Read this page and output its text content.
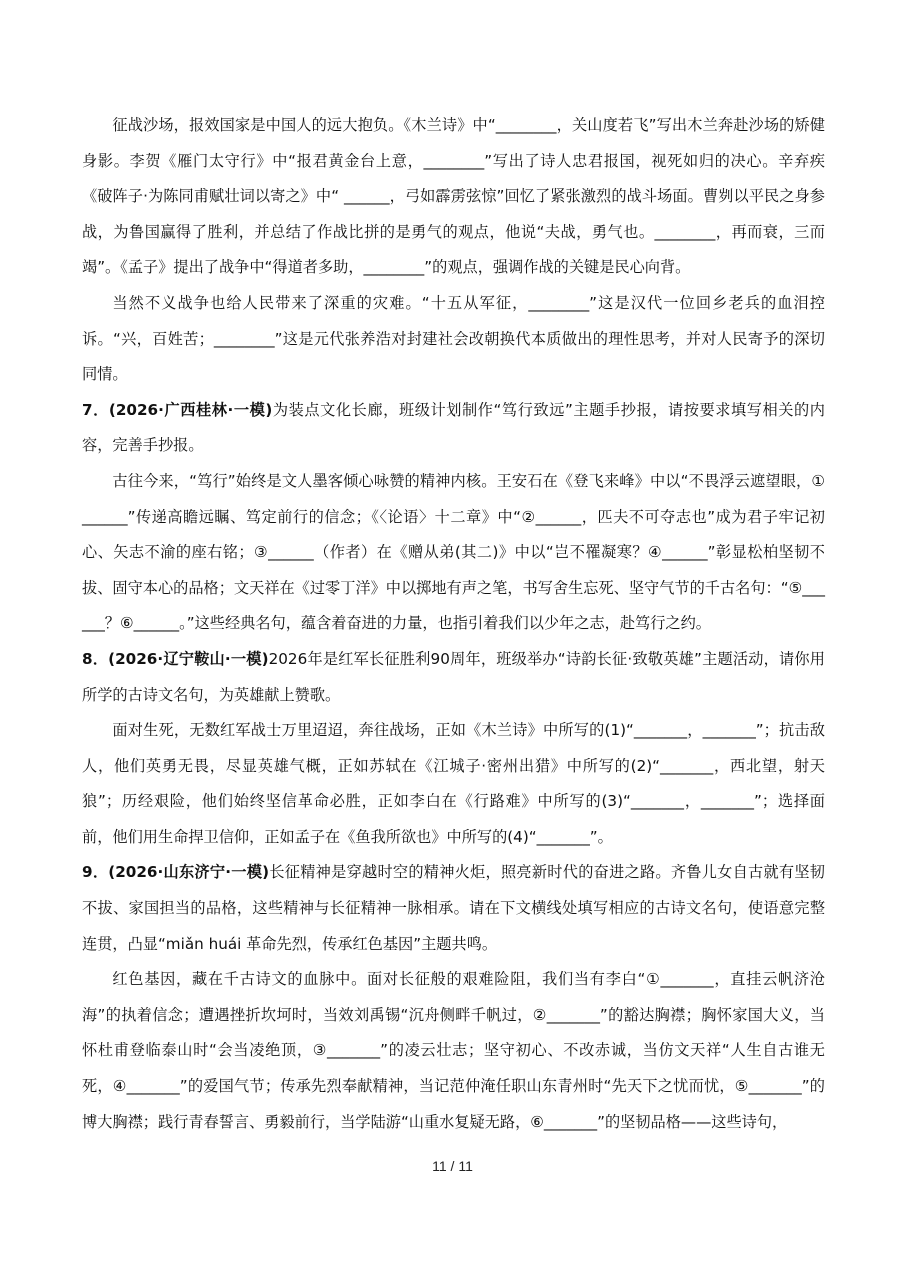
征战沙场，报效国家是中国人的远大抱负。《木兰诗》中“________，关山度若飞”写出木兰奔赴沙场的矫健身影。李贺《雁门太守行》中“报君黄金台上意，________”写出了诗人忠君报国，视死如归的决心。辛弃疾《破阵子·为陈同甫赋壮词以寄之》中“ ______，弓如霹雳弦惊”回忆了紧张激烈的战斗场面。曹刿以平民之身参战，为鲁国赢得了胜利，并总结了作战比拼的是勇气的观点，他说“夫战，勇气也。________，再而衰，三而竭”。《孟子》提出了战争中“得道者多助，________”的观点，强调作战的关键是民心向背。

当然不义战争也给人民带来了深重的灾难。“十五从军征，________”这是汉代一位回乡老兵的血泪控诉。“兴，百姓苦；________”这是元代张养浩对封建社会改朝换代本质做出的理性思考，并对人民寄予的深切同情。

7．(2026·广西桂林·一模)为装点文化长廊，班级计划制作“笃行致远”主题手抄报，请按要求填写相关的内容，完善手抄报。

古往今来，“笃行”始终是文人墨客倾心咏赞的精神内核。王安石在《登飞来峰》中以“不畏浮云遮望眼，①______”传递高瞻远瞩、笃定前行的信念；《〈论语〉十二章》中“②______，匹夫不可夺志也”成为君子牢记初心、矢志不渝的座右铭；③______（作者）在《赠从弟(其二)》中以“岂不罹凝寒？④______”彰显松柏坚韧不拔、固守本心的品格；文天祥在《过零丁洋》中以掷地有声之笔，书写舍生忘死、坚守气节的千古名句：“⑤______？⑥______。”这些经典名句，蕴含着奋进的力量，也指引着我们以少年之志，赴笃行之约。

8．(2026·辽宁鞍山·一模)2026年是红军长征胜利90周年，班级举办“诗韵长征·致敬英雄”主题活动，请你用所学的古诗文名句，为英雄献上赞歌。

面对生死，无数红军战士万里迢迢，奔往战场，正如《木兰诗》中所写的(1)“_______，_______”；抗击敌人，他们英勇无畏，尽显英雄气概，正如苏轼在《江城子·密州出猎》中所写的(2)“_______，西北望，射天狼”；历经艰险，他们始终坚信革命必胜，正如李白在《行路难》中所写的(3)“_______，_______”；选择面前，他们用生命捍卫信仰，正如孟子在《鱼我所欲也》中所写的(4)“_______”。

9．(2026·山东济宁·一模)长征精神是穿越时空的精神火炬，照亮新时代的奋进之路。齐鲁儿女自古就有坚韧不拔、家国担当的品格，这些精神与长征精神一脉相承。请在下文横线处填写相应的古诗文名句，使语意完整连贯，凸显“miǎn huái 革命先烈，传承红色基因”主题共鸣。

红色基因，藏在千古诗文的血脉中。面对长征般的艰难险阻，我们当有李白“①_______，直挂云帆济沧海”的执着信念；遭遇挫折坎坷时，当效刘禹锡“沉舟侧畔千帆过，②_______”的豁达胸襟；胸怀家国大义，当怀杜甫登临泰山时“会当凌绝顶，③_______”的凌云壮志；坚守初心、不改赤诚，当仿文天祥“人生自古谁无死，④_______”的爱国气节；传承先烈奉献精神，当记范仲淹任职山东青州时“先天下之忧而忧，⑤_______”的博大胸襟；践行青春誓言、勇毅前行，当学陆游“山重水复疑无路，⑥_______”的坚韧品格——这些诗句，

11 / 11
